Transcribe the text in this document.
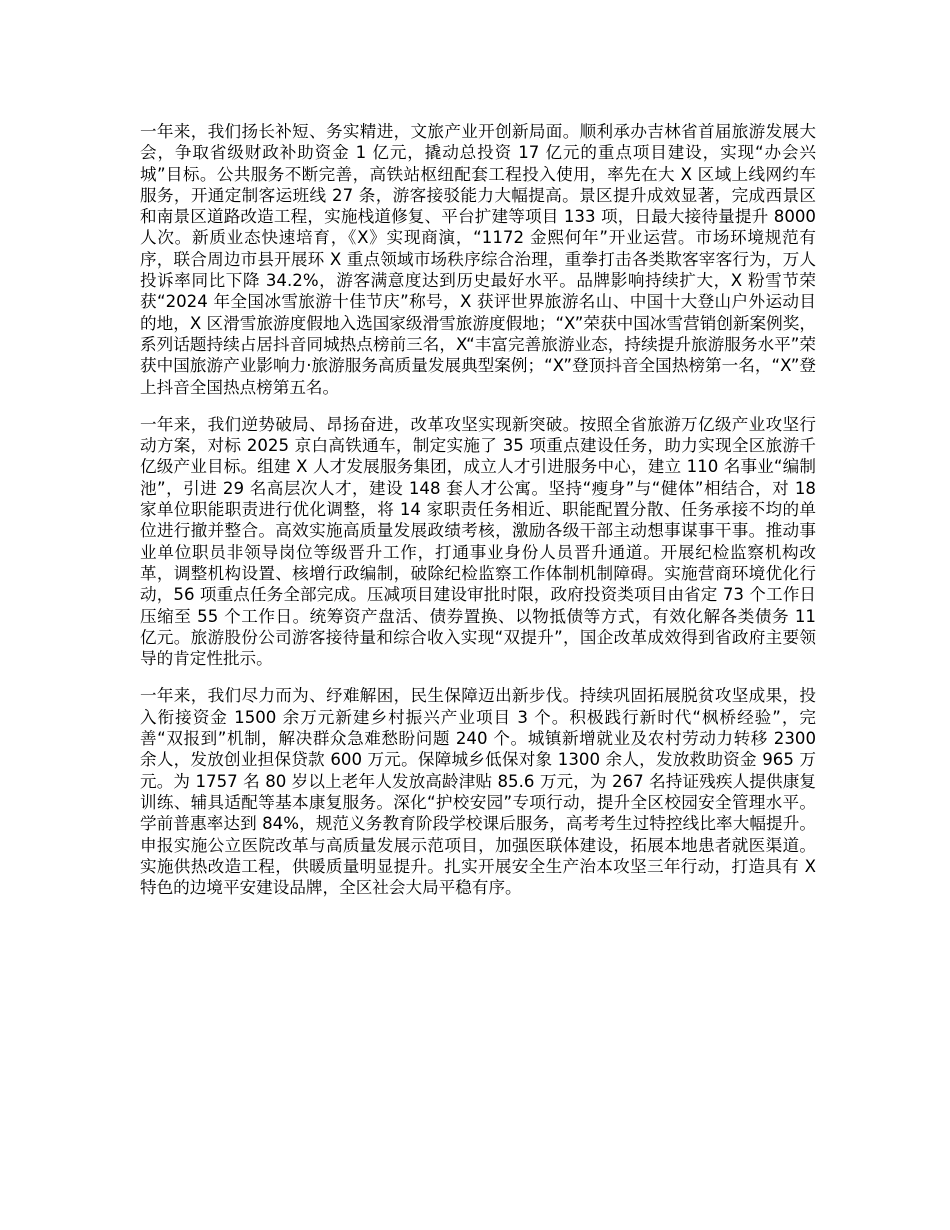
一年来，我们扬长补短、务实精进，文旅产业开创新局面。顺利承办吉林省首届旅游发展大会，争取省级财政补助资金 1 亿元，撬动总投资 17 亿元的重点项目建设，实现“办会兴城”目标。公共服务不断完善，高铁站枢纽配套工程投入使用，率先在大 X 区域上线网约车服务，开通定制客运班线 27 条，游客接驳能力大幅提高。景区提升成效显著，完成西景区和南景区道路改造工程，实施栈道修复、平台扩建等项目 133 项，日最大接待量提升 8000 人次。新质业态快速培育，《X》实现商演，“1172 金熙何年”开业运营。市场环境规范有序，联合周边市县开展环 X 重点领域市场秩序综合治理，重拳打击各类欺客宰客行为，万人投诉率同比下降 34.2%，游客满意度达到历史最好水平。品牌影响持续扩大，X 粉雪节荣获“2024 年全国冰雪旅游十佳节庆”称号，X 获评世界旅游名山、中国十大登山户外运动目的地，X 区滑雪旅游度假地入选国家级滑雪旅游度假地；“X”荣获中国冰雪营销创新案例奖，系列话题持续占居抖音同城热点榜前三名，X“丰富完善旅游业态，持续提升旅游服务水平”荣获中国旅游产业影响力·旅游服务高质量发展典型案例；“X”登顶抖音全国热榜第一名，“X”登上抖音全国热点榜第五名。

一年来，我们逆势破局、昂扬奋进，改革攻坚实现新突破。按照全省旅游万亿级产业攻坚行动方案，对标 2025 京白高铁通车，制定实施了 35 项重点建设任务，助力实现全区旅游千亿级产业目标。组建 X 人才发展服务集团，成立人才引进服务中心，建立 110 名事业“编制池”，引进 29 名高层次人才，建设 148 套人才公寓。坚持“瘦身”与“健体”相结合，对 18 家单位职能职责进行优化调整，将 14 家职责任务相近、职能配置分散、任务承接不均的单位进行撤并整合。高效实施高质量发展政绩考核，激励各级干部主动想事谋事干事。推动事业单位职员非领导岗位等级晋升工作，打通事业身份人员晋升通道。开展纪检监察机构改革，调整机构设置、核增行政编制，破除纪检监察工作体制机制障碍。实施营商环境优化行动，56 项重点任务全部完成。压减项目建设审批时限，政府投资类项目由省定 73 个工作日压缩至 55 个工作日。统筹资产盘活、债券置换、以物抵债等方式，有效化解各类债务 11 亿元。旅游股份公司游客接待量和综合收入实现“双提升”，国企改革成效得到省政府主要领导的肯定性批示。

一年来，我们尽力而为、纾难解困，民生保障迈出新步伐。持续巩固拓展脱贫攻坚成果，投入衔接资金 1500 余万元新建乡村振兴产业项目 3 个。积极践行新时代“枫桥经验”，完善“双报到”机制，解决群众急难愁盼问题 240 个。城镇新增就业及农村劳动力转移 2300 余人，发放创业担保贷款 600 万元。保障城乡低保对象 1300 余人，发放救助资金 965 万元。为 1757 名 80 岁以上老年人发放高龄津贴 85.6 万元，为 267 名持证残疾人提供康复训练、辅具适配等基本康复服务。深化“护校安园”专项行动，提升全区校园安全管理水平。学前普惠率达到 84%，规范义务教育阶段学校课后服务，高考考生过特控线比率大幅提升。申报实施公立医院改革与高质量发展示范项目，加强医联体建设，拓展本地患者就医渠道。实施供热改造工程，供暖质量明显提升。扎实开展安全生产治本攻坚三年行动，打造具有 X 特色的边境平安建设品牌，全区社会大局平稳有序。
